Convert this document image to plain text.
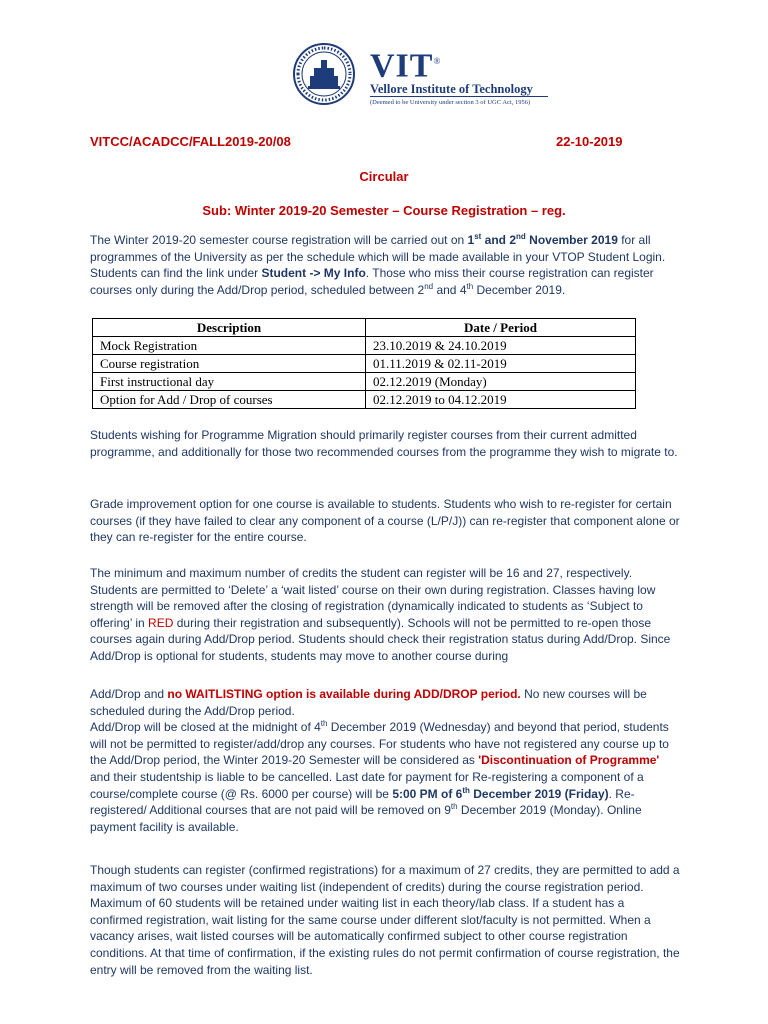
VIT®
Vellore Institute of Technology
(Deemed to be University under section 3 of UGC Act, 1956)
VITCC/ACADCC/FALL2019-20/08	22-10-2019
Circular
Sub: Winter 2019-20 Semester – Course Registration – reg.

The Winter 2019-20 semester course registration will be carried out on 1st and 2nd November 2019 for all programmes of the University as per the schedule which will be made available in your VTOP Student Login. Students can find the link under Student -> My Info. Those who miss their course registration can register courses only during the Add/Drop period, scheduled between 2nd and 4th December 2019.

Description	Date / Period
Mock Registration	23.10.2019 & 24.10.2019
Course registration	01.11.2019 & 02.11-2019
First instructional day	02.12.2019 (Monday)
Option for Add / Drop of courses	02.12.2019 to 04.12.2019

Students wishing for Programme Migration should primarily register courses from their current admitted programme, and additionally for those two recommended courses from the programme they wish to migrate to.

Grade improvement option for one course is available to students. Students who wish to re-register for certain courses (if they have failed to clear any component of a course (L/P/J)) can re-register that component alone or they can re-register for the entire course.

The minimum and maximum number of credits the student can register will be 16 and 27, respectively. Students are permitted to ‘Delete’ a ‘wait listed’ course on their own during registration. Classes having low strength will be removed after the closing of registration (dynamically indicated to students as ‘Subject to offering’ in RED during their registration and subsequently). Schools will not be permitted to re-open those courses again during Add/Drop period. Students should check their registration status during Add/Drop. Since Add/Drop is optional for students, students may move to another course during

Add/Drop and no WAITLISTING option is available during ADD/DROP period. No new courses will be scheduled during the Add/Drop period.
Add/Drop will be closed at the midnight of 4th December 2019 (Wednesday) and beyond that period, students will not be permitted to register/add/drop any courses. For students who have not registered any course up to the Add/Drop period, the Winter 2019-20 Semester will be considered as 'Discontinuation of Programme' and their studentship is liable to be cancelled. Last date for payment for Re-registering a component of a course/complete course (@ Rs. 6000 per course) will be 5:00 PM of 6th December 2019 (Friday). Re-registered/ Additional courses that are not paid will be removed on 9th December 2019 (Monday). Online payment facility is available.

Though students can register (confirmed registrations) for a maximum of 27 credits, they are permitted to add a maximum of two courses under waiting list (independent of credits) during the course registration period. Maximum of 60 students will be retained under waiting list in each theory/lab class. If a student has a confirmed registration, wait listing for the same course under different slot/faculty is not permitted. When a vacancy arises, wait listed courses will be automatically confirmed subject to other course registration conditions. At that time of confirmation, if the existing rules do not permit confirmation of course registration, the entry will be removed from the waiting list.
